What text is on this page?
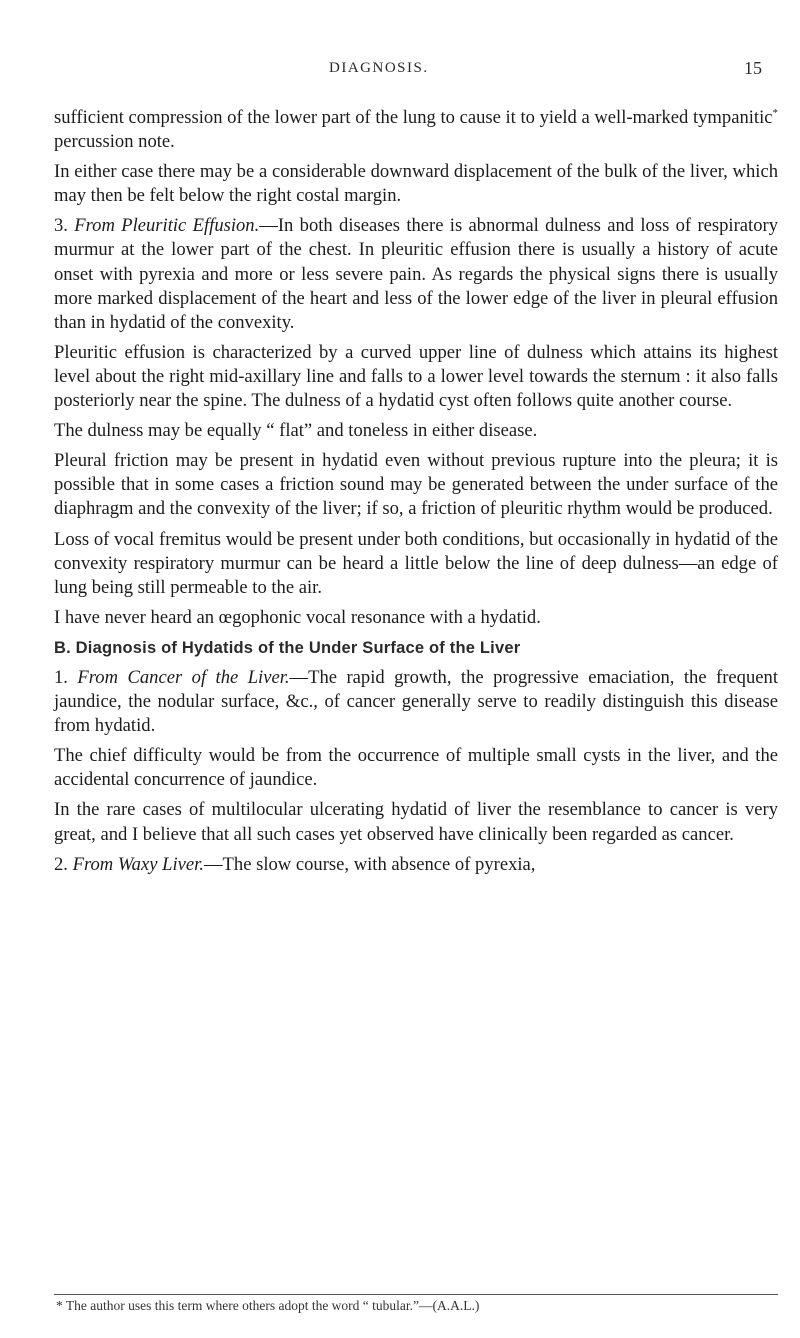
DIAGNOSIS.	15

sufficient compression of the lower part of the lung to cause it to yield a well-marked tympanitic* percussion note.

In either case there may be a considerable downward displacement of the bulk of the liver, which may then be felt below the right costal margin.

3. From Pleuritic Effusion.—In both diseases there is abnormal dulness and loss of respiratory murmur at the lower part of the chest. In pleuritic effusion there is usually a history of acute onset with pyrexia and more or less severe pain. As regards the physical signs there is usually more marked displacement of the heart and less of the lower edge of the liver in pleural effusion than in hydatid of the convexity.

Pleuritic effusion is characterized by a curved upper line of dulness which attains its highest level about the right mid-axillary line and falls to a lower level towards the sternum : it also falls posteriorly near the spine. The dulness of a hydatid cyst often follows quite another course.

The dulness may be equally “ flat” and toneless in either disease.

Pleural friction may be present in hydatid even without previous rupture into the pleura; it is possible that in some cases a friction sound may be generated between the under surface of the diaphragm and the convexity of the liver; if so, a friction of pleuritic rhythm would be produced.

Loss of vocal fremitus would be present under both conditions, but occasionally in hydatid of the convexity respiratory murmur can be heard a little below the line of deep dulness—an edge of lung being still permeable to the air.

I have never heard an œgophonic vocal resonance with a hydatid.

B. Diagnosis of Hydatids of the Under Surface of the Liver

1. From Cancer of the Liver.—The rapid growth, the progressive emaciation, the frequent jaundice, the nodular surface, &c., of cancer generally serve to readily distinguish this disease from hydatid.

The chief difficulty would be from the occurrence of multiple small cysts in the liver, and the accidental concurrence of jaundice.

In the rare cases of multilocular ulcerating hydatid of liver the resemblance to cancer is very great, and I believe that all such cases yet observed have clinically been regarded as cancer.

2. From Waxy Liver.—The slow course, with absence of pyrexia,

* The author uses this term where others adopt the word “ tubular.”—(A.A.L.)
